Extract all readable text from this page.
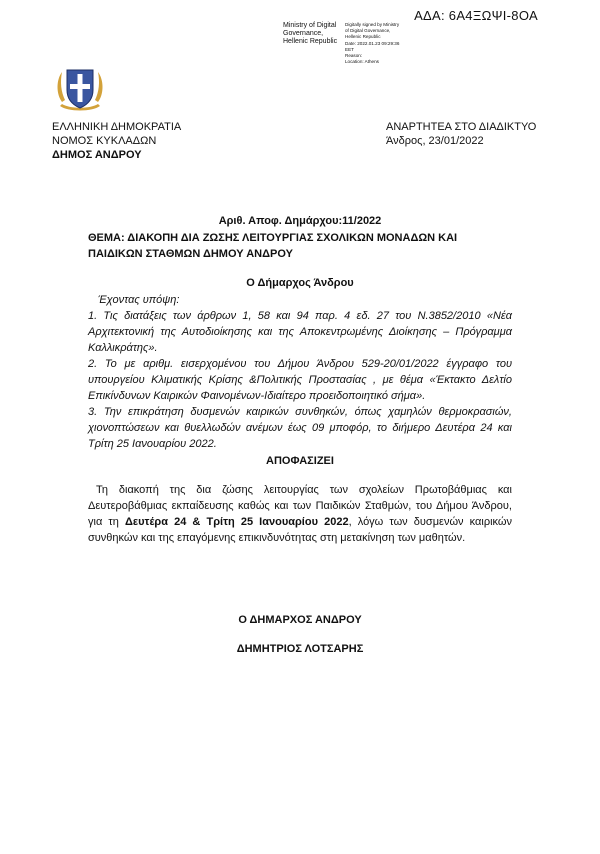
ΑΔΑ: 6Α4ΞΩΨΙ-8ΟΑ
Ministry of Digital
Governance,
Hellenic Republic
Digitally signed by Ministry
of Digital Governance,
Hellenic Republic
Date: 2022.01.23 09:29:36
EET
Reason:
Location: Athens
ΕΛΛΗΝΙΚΗ ΔΗΜΟΚΡΑΤΙΑ
ΝΟΜΟΣ ΚΥΚΛΑΔΩΝ
ΔΗΜΟΣ ΑΝΔΡΟΥ
ΑΝΑΡΤΗΤΕΑ ΣΤΟ ΔΙΑΔΙΚΤΥΟ
Άνδρος, 23/01/2022
Αριθ. Αποφ. Δημάρχου:11/2022
ΘΕΜΑ: ΔΙΑΚΟΠΗ ΔΙΑ ΖΩΣΗΣ ΛΕΙΤΟΥΡΓΙΑΣ ΣΧΟΛΙΚΩΝ ΜΟΝΑΔΩΝ ΚΑΙ ΠΑΙΔΙΚΩΝ ΣΤΑΘΜΩΝ ΔΗΜΟΥ ΑΝΔΡΟΥ
Ο Δήμαρχος Άνδρου
Έχοντας υπόψη:
1. Τις διατάξεις των άρθρων 1, 58 και 94 παρ. 4 εδ. 27 του Ν.3852/2010 «Νέα Αρχιτεκτονική της Αυτοδιοίκησης και της Αποκεντρωμένης Διοίκησης – Πρόγραμμα Καλλικράτης».
2. Το με αριθμ. εισερχομένου του Δήμου Άνδρου 529-20/01/2022 έγγραφο του υπουργείου Κλιματικής Κρίσης &Πολιτικής Προστασίας , με θέμα «Έκτακτο Δελτίο Επικίνδυνων Καιρικών Φαινομένων-Ιδιαίτερο προειδοποιητικό σήμα».
3. Την επικράτηση δυσμενών καιρικών συνθηκών, όπως χαμηλών θερμοκρασιών, χιονοπτώσεων και θυελλωδών ανέμων έως 09 μποφόρ, το διήμερο Δευτέρα 24 και Τρίτη 25 Ιανουαρίου 2022.
ΑΠΟΦΑΣΙΖΕΙ
Τη διακοπή της δια ζώσης λειτουργίας των σχολείων Πρωτοβάθμιας και Δευτεροβάθμιας εκπαίδευσης καθώς και των Παιδικών Σταθμών, του Δήμου Άνδρου, για τη Δευτέρα 24 & Τρίτη 25 Ιανουαρίου 2022, λόγω των δυσμενών καιρικών συνθηκών και της επαγόμενης επικινδυνότητας στη μετακίνηση των μαθητών.
Ο ΔΗΜΑΡΧΟΣ ΑΝΔΡΟΥ
ΔΗΜΗΤΡΙΟΣ ΛΟΤΣΑΡΗΣ
